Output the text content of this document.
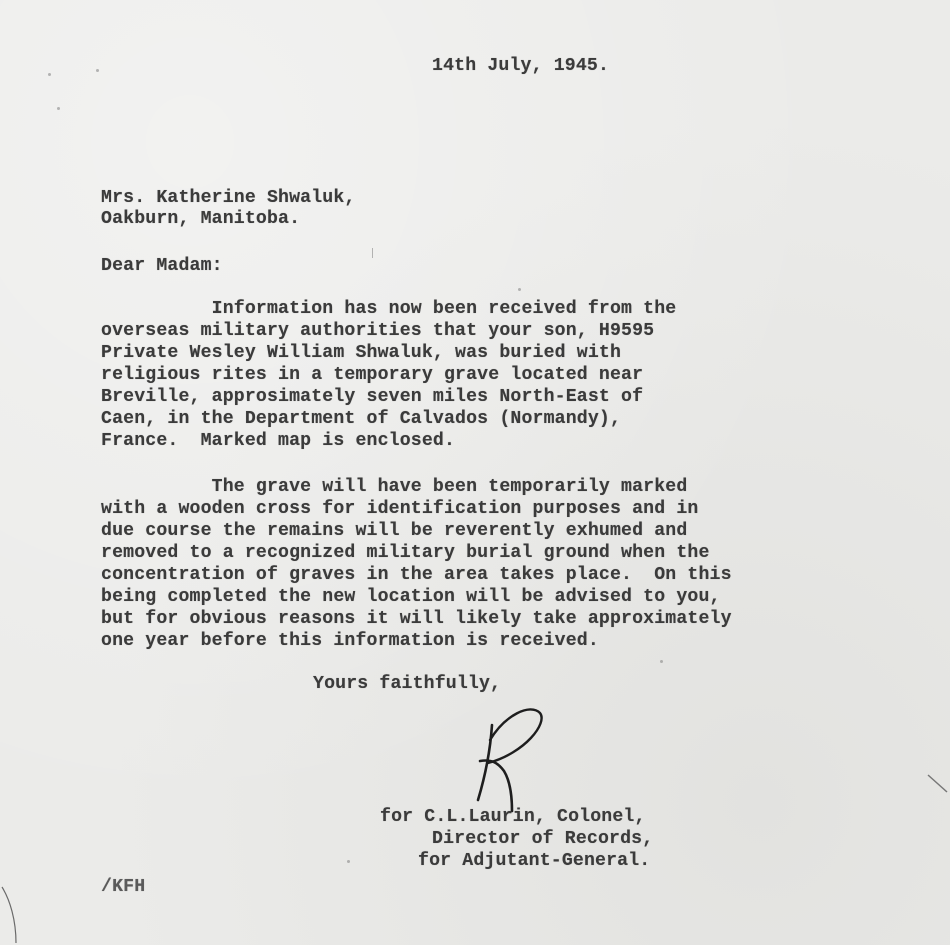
14th July, 1945.
Mrs. Katherine Shwaluk,
Oakburn, Manitoba.
Dear Madam:
Information has now been received from the
overseas military authorities that your son, H9595
Private Wesley William Shwaluk, was buried with
religious rites in a temporary grave located near
Breville, approsimately seven miles North-East of
Caen, in the Department of Calvados (Normandy),
France.  Marked map is enclosed.
The grave will have been temporarily marked
with a wooden cross for identification purposes and in
due course the remains will be reverently exhumed and
removed to a recognized military burial ground when the
concentration of graves in the area takes place.  On this
being completed the new location will be advised to you,
but for obvious reasons it will likely take approximately
one year before this information is received.
Yours faithfully,
for C.L.Laurin, Colonel,
Director of Records,
for Adjutant-General.
/KFH
